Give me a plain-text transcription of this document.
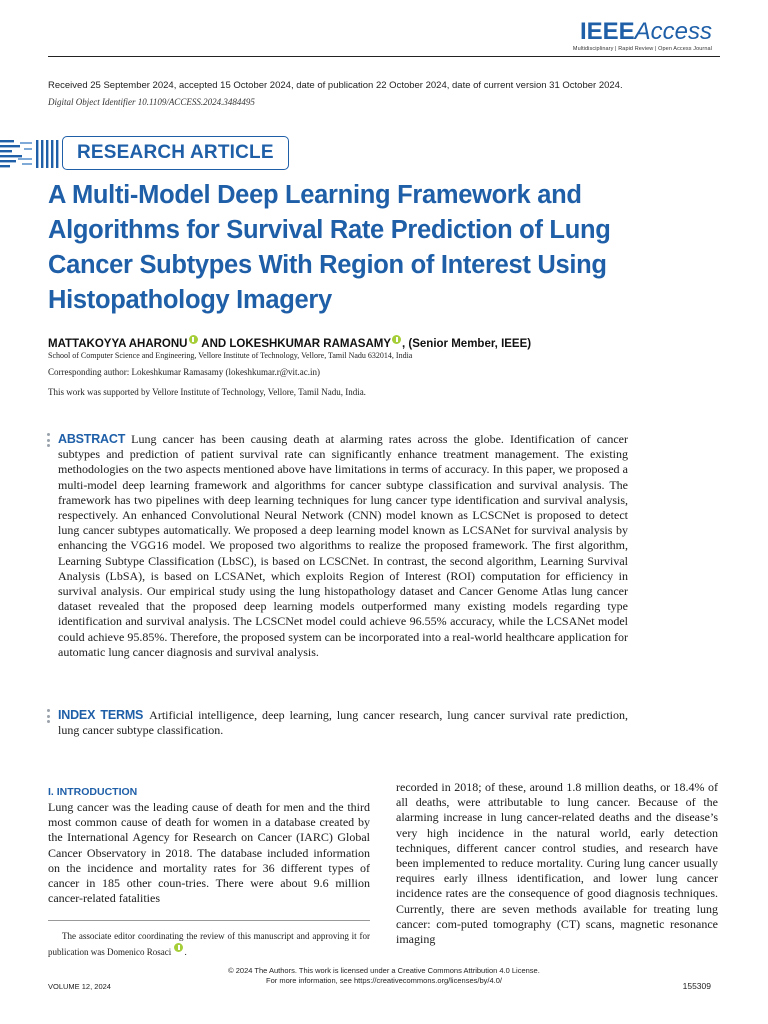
IEEEAccess
Multidisciplinary | Rapid Review | Open Access Journal
Received 25 September 2024, accepted 15 October 2024, date of publication 22 October 2024, date of current version 31 October 2024.
Digital Object Identifier 10.1109/ACCESS.2024.3484495
RESEARCH ARTICLE
A Multi-Model Deep Learning Framework and Algorithms for Survival Rate Prediction of Lung Cancer Subtypes With Region of Interest Using Histopathology Imagery
MATTAKOYYA AHARONU AND LOKESHKUMAR RAMASAMY , (Senior Member, IEEE)
School of Computer Science and Engineering, Vellore Institute of Technology, Vellore, Tamil Nadu 632014, India
Corresponding author: Lokeshkumar Ramasamy (lokeshkumar.r@vit.ac.in)
This work was supported by Vellore Institute of Technology, Vellore, Tamil Nadu, India.
ABSTRACT Lung cancer has been causing death at alarming rates across the globe. Identification of cancer subtypes and prediction of patient survival rate can significantly enhance treatment management. The existing methodologies on the two aspects mentioned above have limitations in terms of accuracy. In this paper, we proposed a multi-model deep learning framework and algorithms for cancer subtype classification and survival analysis. The framework has two pipelines with deep learning techniques for lung cancer type identification and survival analysis, respectively. An enhanced Convolutional Neural Network (CNN) model known as LCSCNet is proposed to detect lung cancer subtypes automatically. We proposed a deep learning model known as LCSANet for survival analysis by enhancing the VGG16 model. We proposed two algorithms to realize the proposed framework. The first algorithm, Learning Subtype Classification (LbSC), is based on LCSCNet. In contrast, the second algorithm, Learning Survival Analysis (LbSA), is based on LCSANet, which exploits Region of Interest (ROI) computation for efficiency in survival analysis. Our empirical study using the lung histopathology dataset and Cancer Genome Atlas lung cancer dataset revealed that the proposed deep learning models outperformed many existing models regarding type identification and survival analysis. The LCSCNet model could achieve 96.55% accuracy, while the LCSANet model could achieve 95.85%. Therefore, the proposed system can be incorporated into a real-world healthcare application for automatic lung cancer diagnosis and survival analysis.
INDEX TERMS Artificial intelligence, deep learning, lung cancer research, lung cancer survival rate prediction, lung cancer subtype classification.
I. INTRODUCTION
Lung cancer was the leading cause of death for men and the third most common cause of death for women in a database created by the International Agency for Research on Cancer (IARC) Global Cancer Observatory in 2018. The database included information on the incidence and mortality rates for 36 different types of cancer in 185 other coun-tries. There were about 9.6 million cancer-related fatalities
recorded in 2018; of these, around 1.8 million deaths, or 18.4% of all deaths, were attributable to lung cancer. Because of the alarming increase in lung cancer-related deaths and the disease’s very high incidence in the natural world, early detection techniques, different cancer control studies, and research have been implemented to reduce mortality. Curing lung cancer usually requires early illness identification, and lower lung cancer incidence rates are the consequence of good diagnosis techniques. Currently, there are seven methods available for treating lung cancer: com-puted tomography (CT) scans, magnetic resonance imaging

The associate editor coordinating the review of this manuscript and approving it for publication was Domenico Rosaci .

© 2024 The Authors. This work is licensed under a Creative Commons Attribution 4.0 License.
For more information, see https://creativecommons.org/licenses/by/4.0/
VOLUME 12, 2024	155309
